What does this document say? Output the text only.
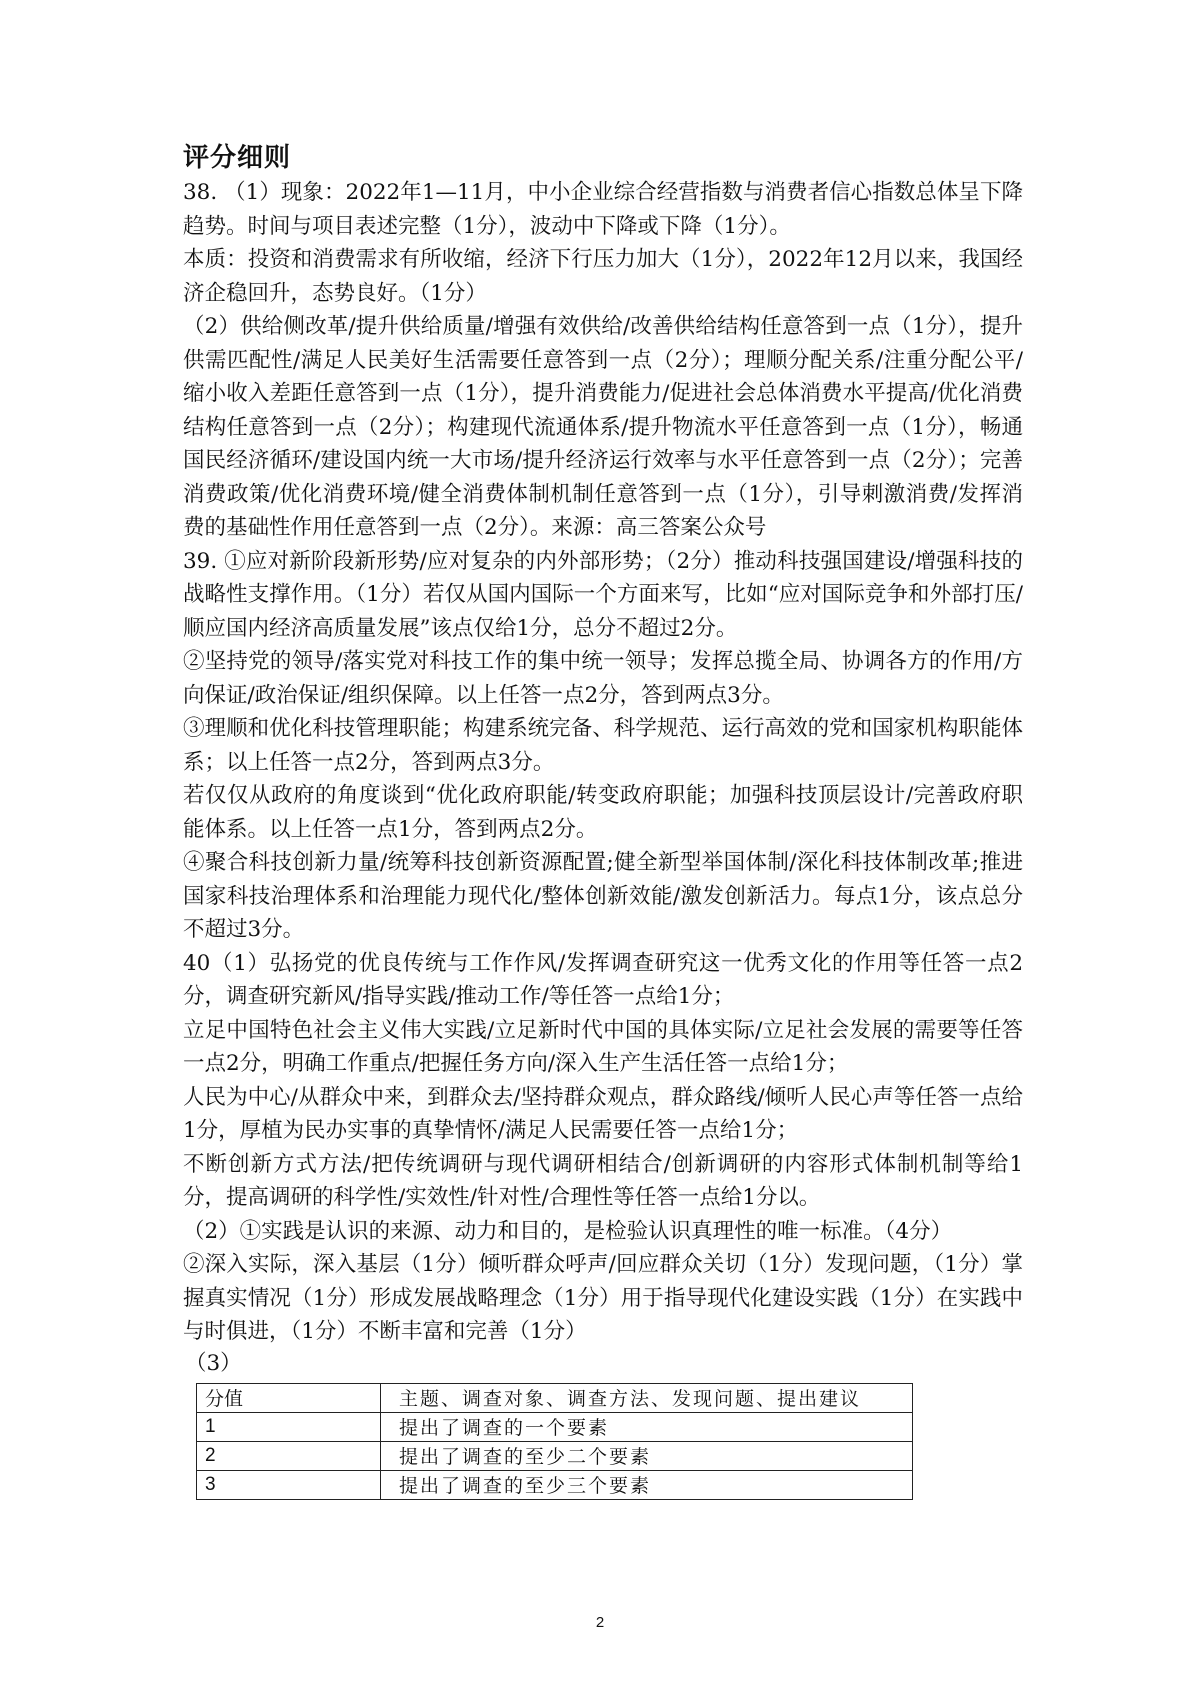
评分细则

38. （1）现象：2022年1—11月，中小企业综合经营指数与消费者信心指数总体呈下降趋势。时间与项目表述完整（1分），波动中下降或下降（1分）。

本质：投资和消费需求有所收缩，经济下行压力加大（1分），2022年12月以来，我国经济企稳回升，态势良好。（1分）

（2）供给侧改革/提升供给质量/增强有效供给/改善供给结构任意答到一点（1分），提升供需匹配性/满足人民美好生活需要任意答到一点（2分）；理顺分配关系/注重分配公平/缩小收入差距任意答到一点（1分），提升消费能力/促进社会总体消费水平提高/优化消费结构任意答到一点（2分）；构建现代流通体系/提升物流水平任意答到一点（1分），畅通国民经济循环/建设国内统一大市场/提升经济运行效率与水平任意答到一点（2分）；完善消费政策/优化消费环境/健全消费体制机制任意答到一点（1分），引导刺激消费/发挥消费的基础性作用任意答到一点（2分）。来源：高三答案公众号

39. ①应对新阶段新形势/应对复杂的内外部形势；（2分）推动科技强国建设/增强科技的战略性支撑作用。（1分）若仅从国内国际一个方面来写，比如“应对国际竞争和外部打压/顺应国内经济高质量发展”该点仅给1分，总分不超过2分。

②坚持党的领导/落实党对科技工作的集中统一领导；发挥总揽全局、协调各方的作用/方向保证/政治保证/组织保障。以上任答一点2分，答到两点3分。

③理顺和优化科技管理职能；构建系统完备、科学规范、运行高效的党和国家机构职能体系；以上任答一点2分，答到两点3分。

若仅仅从政府的角度谈到“优化政府职能/转变政府职能；加强科技顶层设计/完善政府职能体系。以上任答一点1分，答到两点2分。

④聚合科技创新力量/统筹科技创新资源配置;健全新型举国体制/深化科技体制改革;推进国家科技治理体系和治理能力现代化/整体创新效能/激发创新活力。每点1分，该点总分不超过3分。

40（1）弘扬党的优良传统与工作作风/发挥调查研究这一优秀文化的作用等任答一点2分，调查研究新风/指导实践/推动工作/等任答一点给1分；

立足中国特色社会主义伟大实践/立足新时代中国的具体实际/立足社会发展的需要等任答一点2分，明确工作重点/把握任务方向/深入生产生活任答一点给1分；

人民为中心/从群众中来，到群众去/坚持群众观点，群众路线/倾听人民心声等任答一点给1分，厚植为民办实事的真挚情怀/满足人民需要任答一点给1分；

不断创新方式方法/把传统调研与现代调研相结合/创新调研的内容形式体制机制等给1分，提高调研的科学性/实效性/针对性/合理性等任答一点给1分以。

（2）①实践是认识的来源、动力和目的，是检验认识真理性的唯一标准。（4分）

②深入实际，深入基层（1分）倾听群众呼声/回应群众关切（1分）发现问题，（1分）掌握真实情况（1分）形成发展战略理念（1分）用于指导现代化建设实践（1分）在实践中与时俱进，（1分）不断丰富和完善（1分）

（3）
分值	主题、调查对象、调查方法、发现问题、提出建议
1	提出了调查的一个要素
2	提出了调查的至少二个要素
3	提出了调查的至少三个要素
2
